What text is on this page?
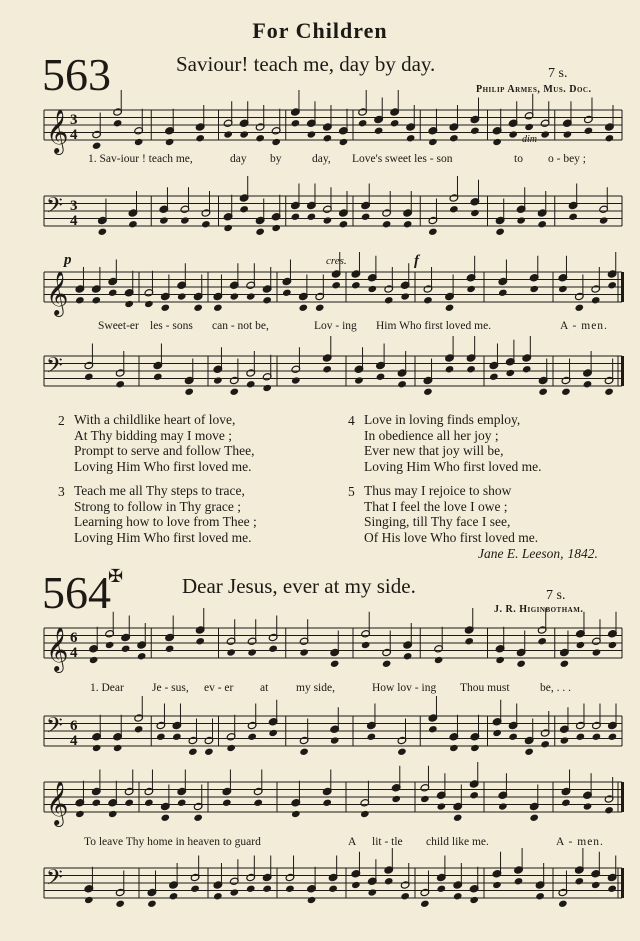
For Children
563	Saviour! teach me, day by day.	7 s.
Philip Armes, Mus. Doc.
dim
p	cres.	f
𝄞 3
4
1. Sav-iour ! teach me,	day by	day, Love's sweet les - son	to o - bey ;
𝄢 3
4
𝄞
Sweet-er les - sons can - not be,	Lov - ing Him Who first loved me.	A - men.
𝄢
2 With a childlike heart of love,
At Thy bidding may I move ;
Prompt to serve and follow Thee,
Loving Him Who first loved me.
3 Teach me all Thy steps to trace,
Strong to follow in Thy grace ;
Learning how to love from Thee ;
Loving Him Who first loved me.
4 Love in loving finds employ,
In obedience all her joy ;
Ever new that joy will be,
Loving Him Who first loved me.
5 Thus may I rejoice to show
That I feel the love I owe ;
Singing, till Thy face I see,
Of His love Who first loved me.
Jane E. Leeson, 1842.
564
✠	Dear Jesus, ever at my side.	7 s.
J. R. Higinbotham.
𝄞 6
4
1. Dear Je - sus, ev - er at my side,	How lov - ing Thou must	be, . . .
𝄢 6
4
𝄞
To leave Thy home in heaven to guard	A lit - tle child like me.	A - men.
𝄢
